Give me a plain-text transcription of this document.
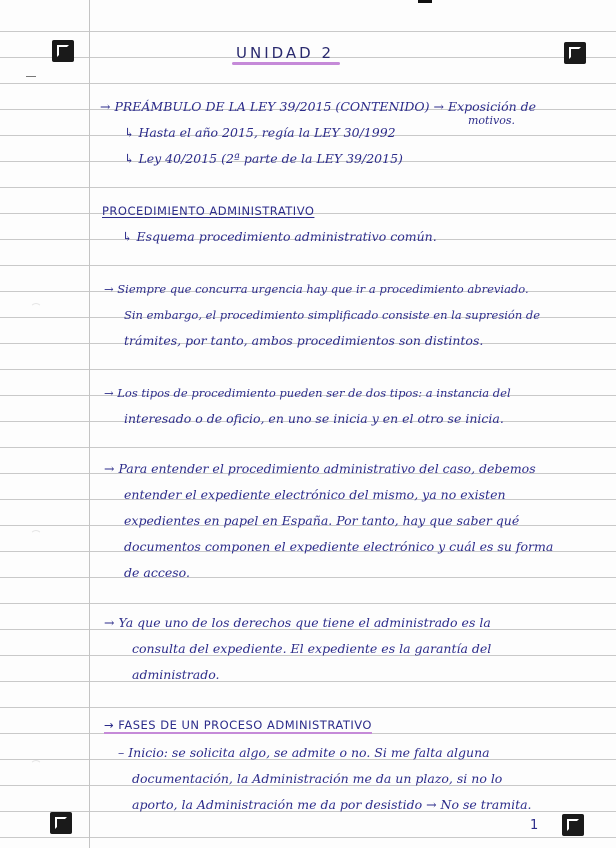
UNIDAD 2
→ PREÁMBULO DE LA LEY 39/2015 (CONTENIDO) → Exposición de
motivos.
↳ Hasta el año 2015, regía la LEY 30/1992
↳ Ley 40/2015 (2ª parte de la LEY 39/2015)
PROCEDIMIENTO ADMINISTRATIVO
↳ Esquema procedimiento administrativo común.
→ Siempre que concurra urgencia hay que ir a procedimiento abreviado.
Sin embargo, el procedimiento simplificado consiste en la supresión de
trámites, por tanto, ambos procedimientos son distintos.
→ Los tipos de procedimiento pueden ser de dos tipos: a instancia del
interesado o de oficio, en uno se inicia y en el otro se inicia.
→ Para entender el procedimiento administrativo del caso, debemos
entender el expediente electrónico del mismo, ya no existen
expedientes en papel en España. Por tanto, hay que saber qué
documentos componen el expediente electrónico y cuál es su forma
de acceso.
→ Ya que uno de los derechos que tiene el administrado es la
consulta del expediente. El expediente es la garantía del
administrado.
→ FASES DE UN PROCESO ADMINISTRATIVO
– Inicio: se solicita algo, se admite o no. Si me falta alguna
documentación, la Administración me da un plazo, si no lo
aporto, la Administración me da por desistido → No se tramita.
1
